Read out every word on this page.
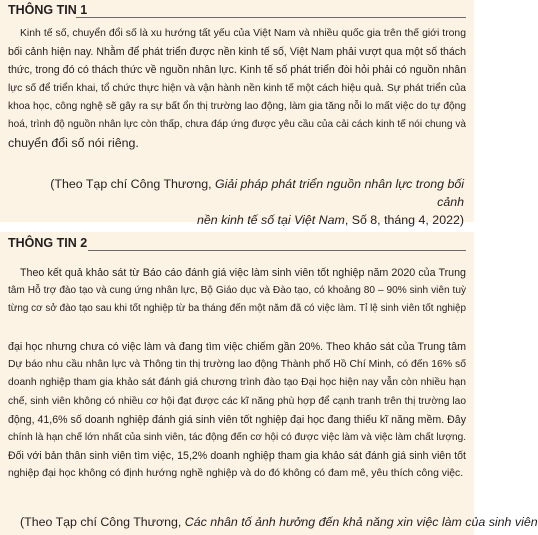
THÔNG TIN 1
Kinh tế số, chuyển đổi số là xu hướng tất yếu của Việt Nam và nhiều quốc gia trên thế giới trong
bối cảnh hiện nay. Nhằm để phát triển được nền kinh tế số, Việt Nam phải vượt qua một số thách
thức, trong đó có thách thức về nguồn nhân lực. Kinh tế số phát triển đòi hỏi phải có nguồn nhân
lực số để triển khai, tổ chức thực hiện và vận hành nền kinh tế một cách hiệu quả. Sự phát triển của
khoa học, công nghệ sẽ gây ra sự bất ổn thị trường lao động, làm gia tăng nỗi lo mất việc do tự động
hoá, trình độ nguồn nhân lực còn thấp, chưa đáp ứng được yêu cầu của cải cách kinh tế nói chung và
chuyển đổi số nói riêng.
(Theo Tạp chí Công Thương, Giải pháp phát triển nguồn nhân lực trong bối cảnh
nền kinh tế số tại Việt Nam, Số 8, tháng 4, 2022)
THÔNG TIN 2
Theo kết quả khảo sát từ Báo cáo đánh giá việc làm sinh viên tốt nghiệp năm 2020 của Trung
tâm Hỗ trợ đào tạo và cung ứng nhân lực, Bộ Giáo dục và Đào tạo, có khoảng 80 – 90% sinh viên tuỳ
từng cơ sở đào tạo sau khi tốt nghiệp từ ba tháng đến một năm đã có việc làm. Tỉ lệ sinh viên tốt nghiệp
đại học nhưng chưa có việc làm và đang tìm việc chiếm gần 20%. Theo khảo sát của Trung tâm
Dự báo nhu cầu nhân lực và Thông tin thị trường lao động Thành phố Hồ Chí Minh, có đến 16% số
doanh nghiệp tham gia khảo sát đánh giá chương trình đào tạo Đại học hiện nay vẫn còn nhiều hạn
chế, sinh viên không có nhiều cơ hội đạt được các kĩ năng phù hợp để cạnh tranh trên thị trường lao
động, 41,6% số doanh nghiệp đánh giá sinh viên tốt nghiệp đại học đang thiếu kĩ năng mềm. Đây
chính là hạn chế lớn nhất của sinh viên, tác động đến cơ hội có được việc làm và việc làm chất lượng.
Đối với bản thân sinh viên tìm việc, 15,2% doanh nghiệp tham gia khảo sát đánh giá sinh viên tốt
nghiệp đại học không có định hướng nghề nghiệp và do đó không có đam mê, yêu thích công việc.
(Theo Tạp chí Công Thương, Các nhân tố ảnh hưởng đến khả năng xin việc làm của sinh viên
